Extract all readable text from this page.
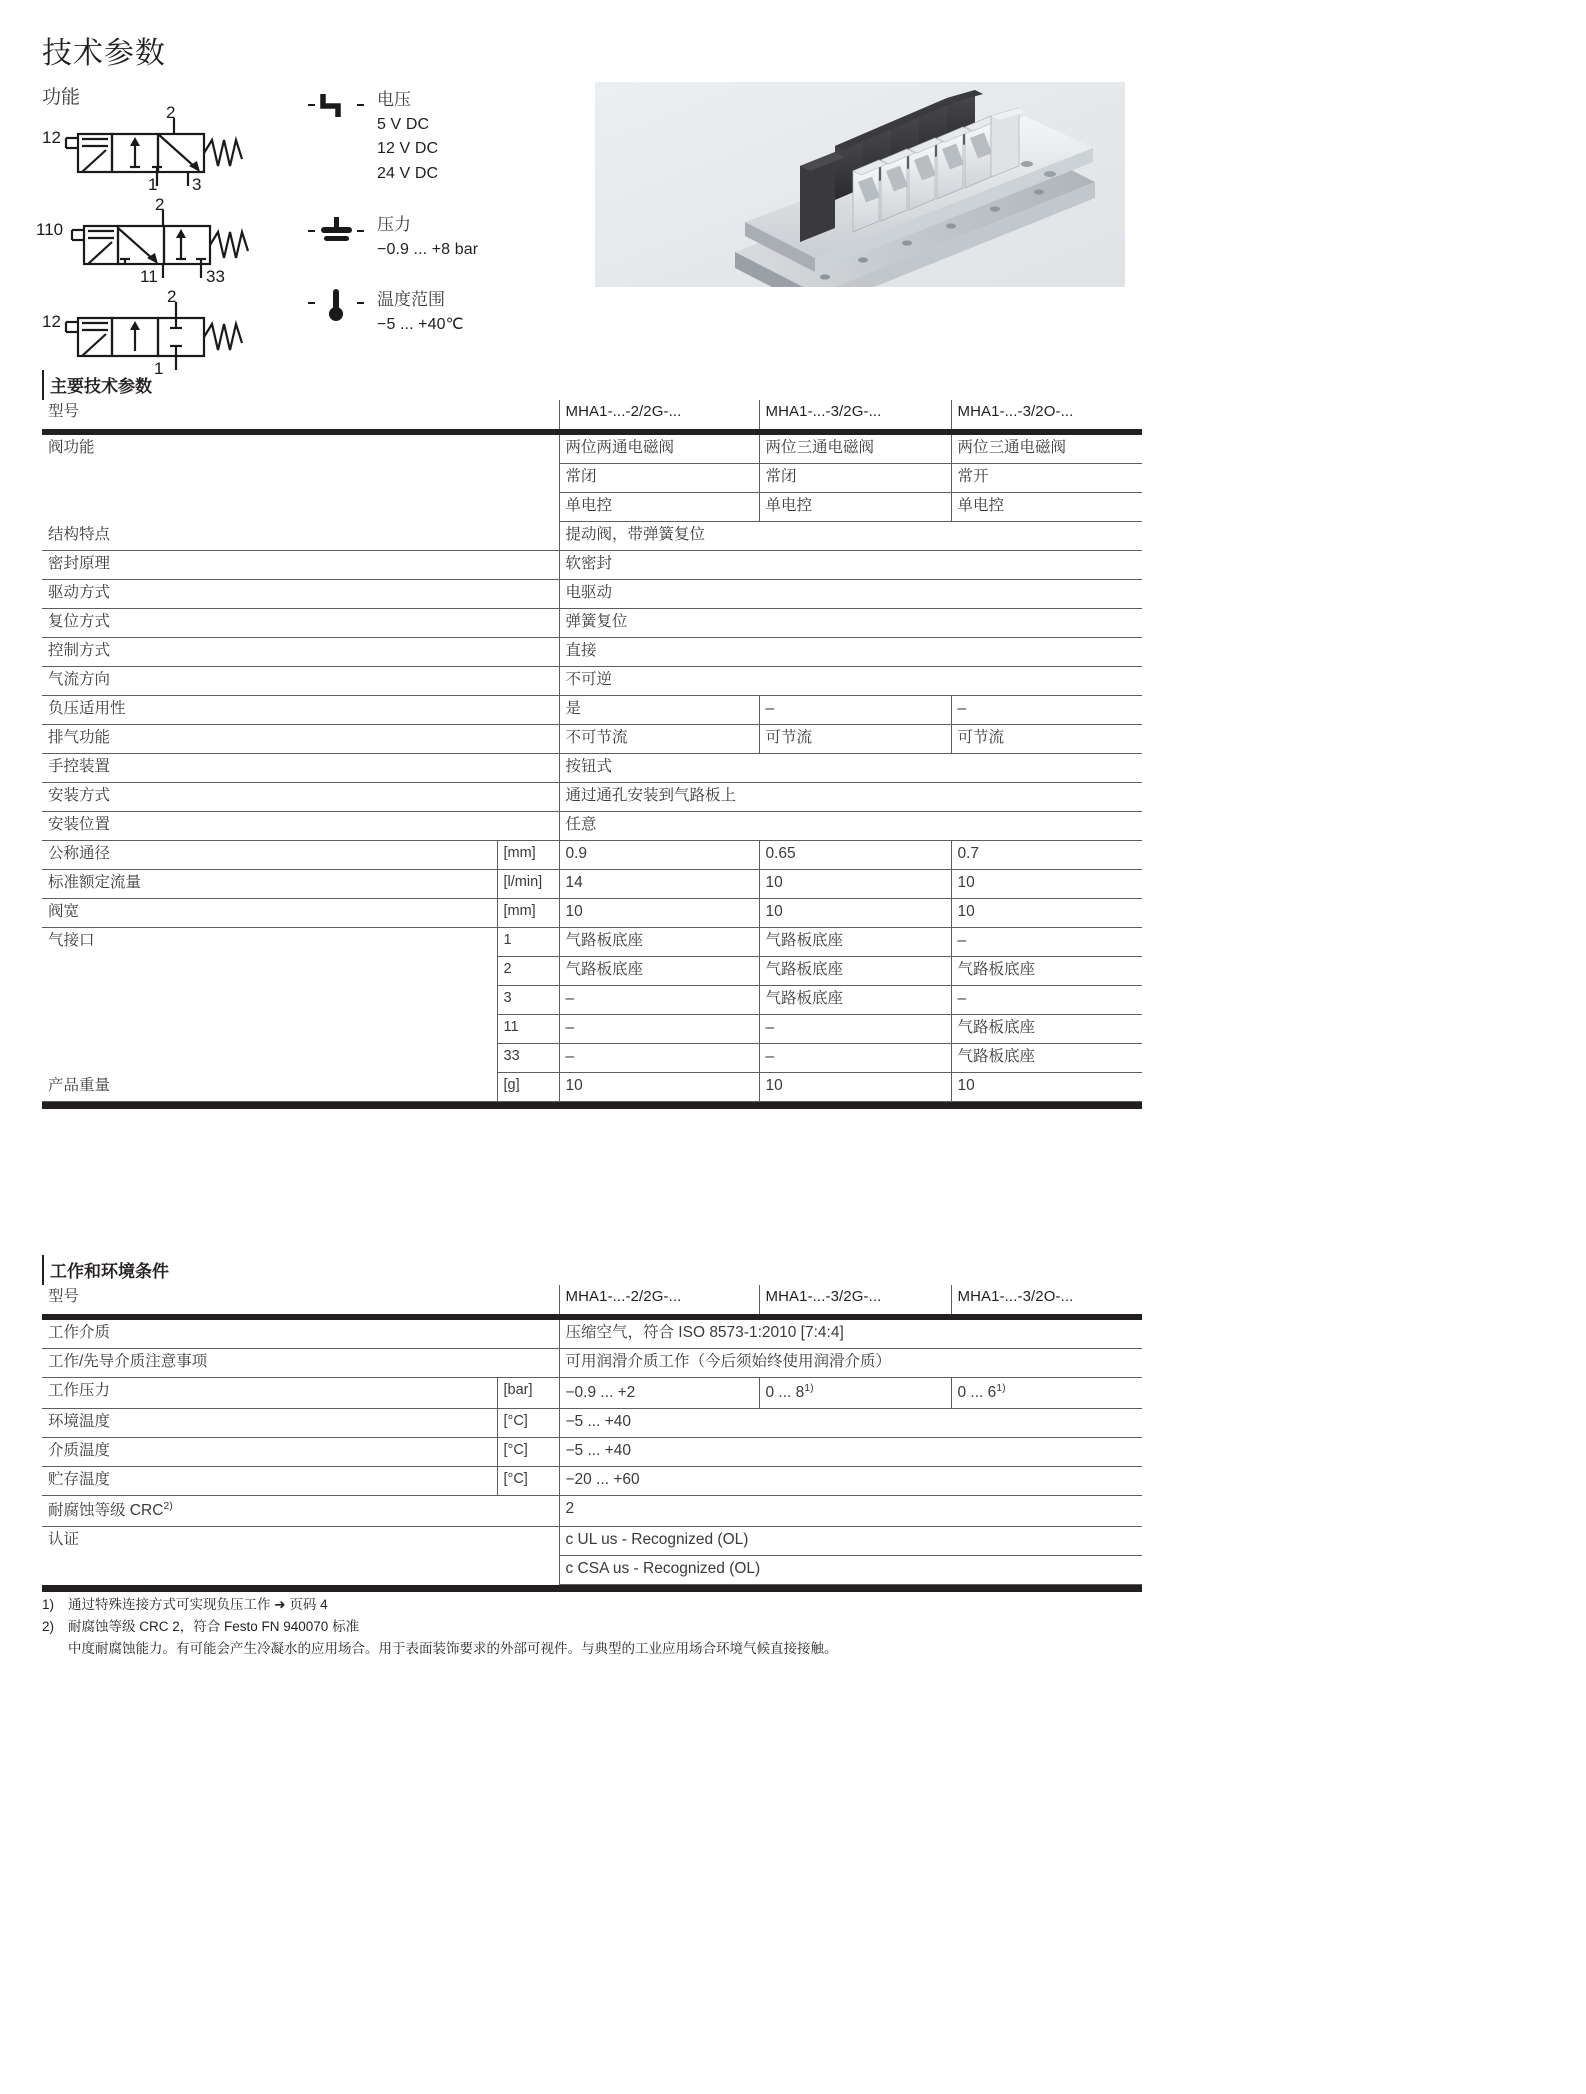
技术参数
功能
12
2
1 3
110
2
11	33
12
2
1
电压
5 V DC
12 V DC
24 V DC
压力
−0.9 ... +8 bar
温度范围
−5 ... +40℃
主要技术参数
型号		MHA1-...-2/2G-...	MHA1-...-3/2G-...	MHA1-...-3/2O-...

阀功能		两位两通电磁阀	两位三通电磁阀	两位三通电磁阀
		常闭	常闭	常开
		单电控	单电控	单电控
结构特点		提动阀，带弹簧复位		
密封原理		软密封		
驱动方式		电驱动		
复位方式		弹簧复位		
控制方式		直接		
气流方向		不可逆		
负压适用性		是	–	–
排气功能		不可节流	可节流	可节流
手控装置		按钮式		
安装方式		通过通孔安装到气路板上		
安装位置		任意		
公称通径	[mm]	0.9	0.65	0.7
标准额定流量	[l/min]	14	10	10
阀宽	[mm]	10	10	10
气接口	1	气路板底座	气路板底座	–
	2	气路板底座	气路板底座	气路板底座
	3	–	气路板底座	–
	11	–	–	气路板底座
	33	–	–	气路板底座
产品重量	[g]	10	10	10

工作和环境条件
型号		MHA1-...-2/2G-...	MHA1-...-3/2G-...	MHA1-...-3/2O-...

工作介质		压缩空气，符合 ISO 8573-1:2010 [7:4:4]		
工作/先导介质注意事项		可用润滑介质工作（今后须始终使用润滑介质）		
工作压力	[bar]	−0.9 ... +2	0 ... 8$^{1)}$	0 ... 6$^{1)}$
环境温度	[°C]	−5 ... +40		
介质温度	[°C]	−5 ... +40		
贮存温度	[°C]	−20 ... +60		
耐腐蚀等级 CRC$^{2)}$		2		
认证		c UL us - Recognized (OL)		
		c CSA us - Recognized (OL)		

1)	通过特殊连接方式可实现负压工作 ➜ 页码 4
2)	耐腐蚀等级 CRC 2，符合 Festo FN 940070 标准
中度耐腐蚀能力。有可能会产生冷凝水的应用场合。用于表面装饰要求的外部可视件。与典型的工业应用场合环境气候直接接触。
